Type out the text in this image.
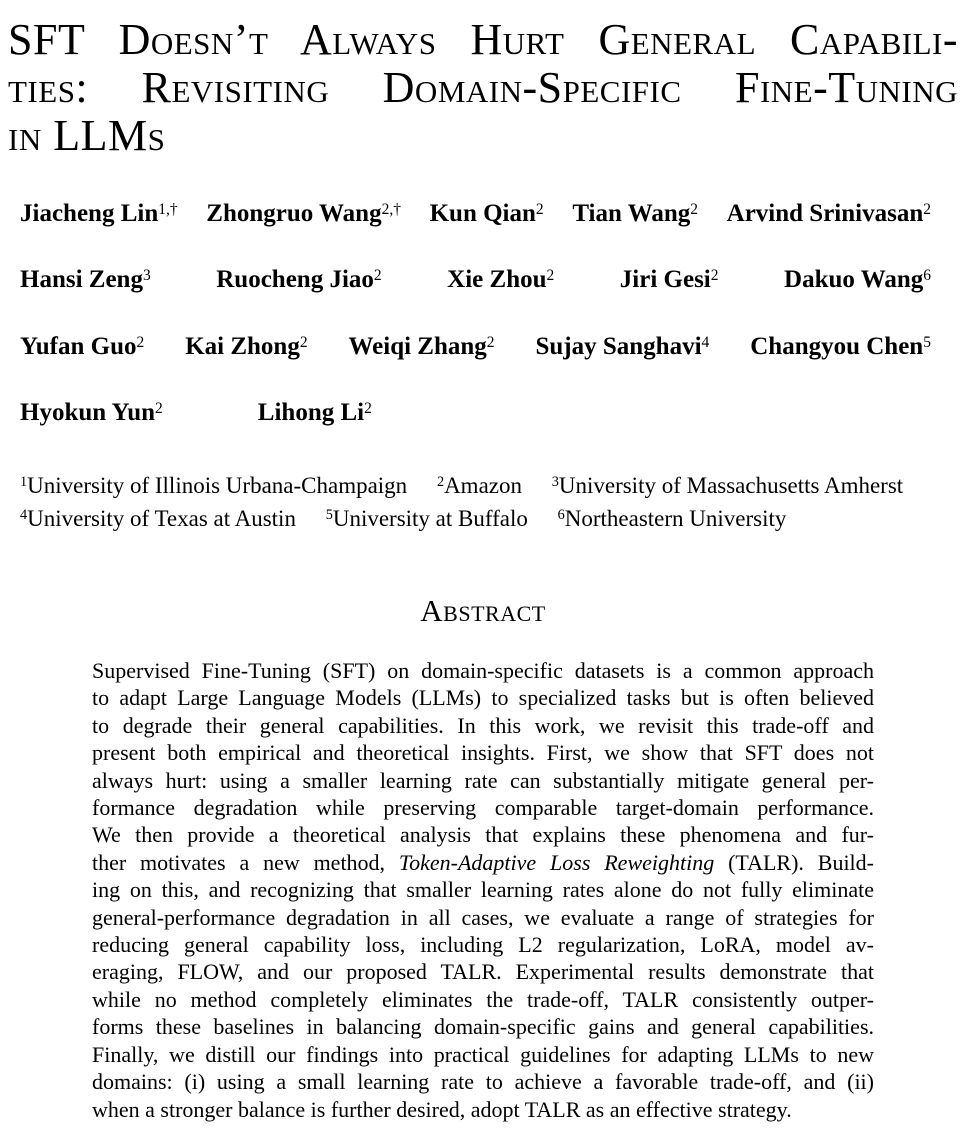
SFT Doesn’t Always Hurt General Capabili-
ties: Revisiting Domain-Specific Fine-Tuning
in LLMs
Jiacheng Lin$^{1,\dagger}$ Zhongruo Wang$^{2,\dagger}$ Kun Qian$^2$ Tian Wang$^2$ Arvind Srinivasan$^2$
Hansi Zeng$^3$	Ruocheng Jiao$^2$	Xie Zhou$^2$	Jiri Gesi$^2$	Dakuo Wang$^6$
Yufan Guo$^2$ Kai Zhong$^2$ Weiqi Zhang$^2$ Sujay Sanghavi$^4$ Changyou Chen$^5$
Hyokun Yun$^2$	Lihong Li$^2$
$^1$University of Illinois Urbana-Champaign $^2$Amazon $^3$University of Massachusetts Amherst
$^4$University of Texas at Austin $^5$University at Buffalo $^6$Northeastern University
Abstract
Supervised Fine-Tuning (SFT) on domain-specific datasets is a common approach
to adapt Large Language Models (LLMs) to specialized tasks but is often believed
to degrade their general capabilities. In this work, we revisit this trade-off and
present both empirical and theoretical insights. First, we show that SFT does not
always hurt: using a smaller learning rate can substantially mitigate general per-
formance degradation while preserving comparable target-domain performance.
We then provide a theoretical analysis that explains these phenomena and fur-
ther motivates a new method, Token-Adaptive Loss Reweighting (TALR). Build-
ing on this, and recognizing that smaller learning rates alone do not fully eliminate
general-performance degradation in all cases, we evaluate a range of strategies for
reducing general capability loss, including L2 regularization, LoRA, model av-
eraging, FLOW, and our proposed TALR. Experimental results demonstrate that
while no method completely eliminates the trade-off, TALR consistently outper-
forms these baselines in balancing domain-specific gains and general capabilities.
Finally, we distill our findings into practical guidelines for adapting LLMs to new
domains: (i) using a small learning rate to achieve a favorable trade-off, and (ii)
when a stronger balance is further desired, adopt TALR as an effective strategy.
